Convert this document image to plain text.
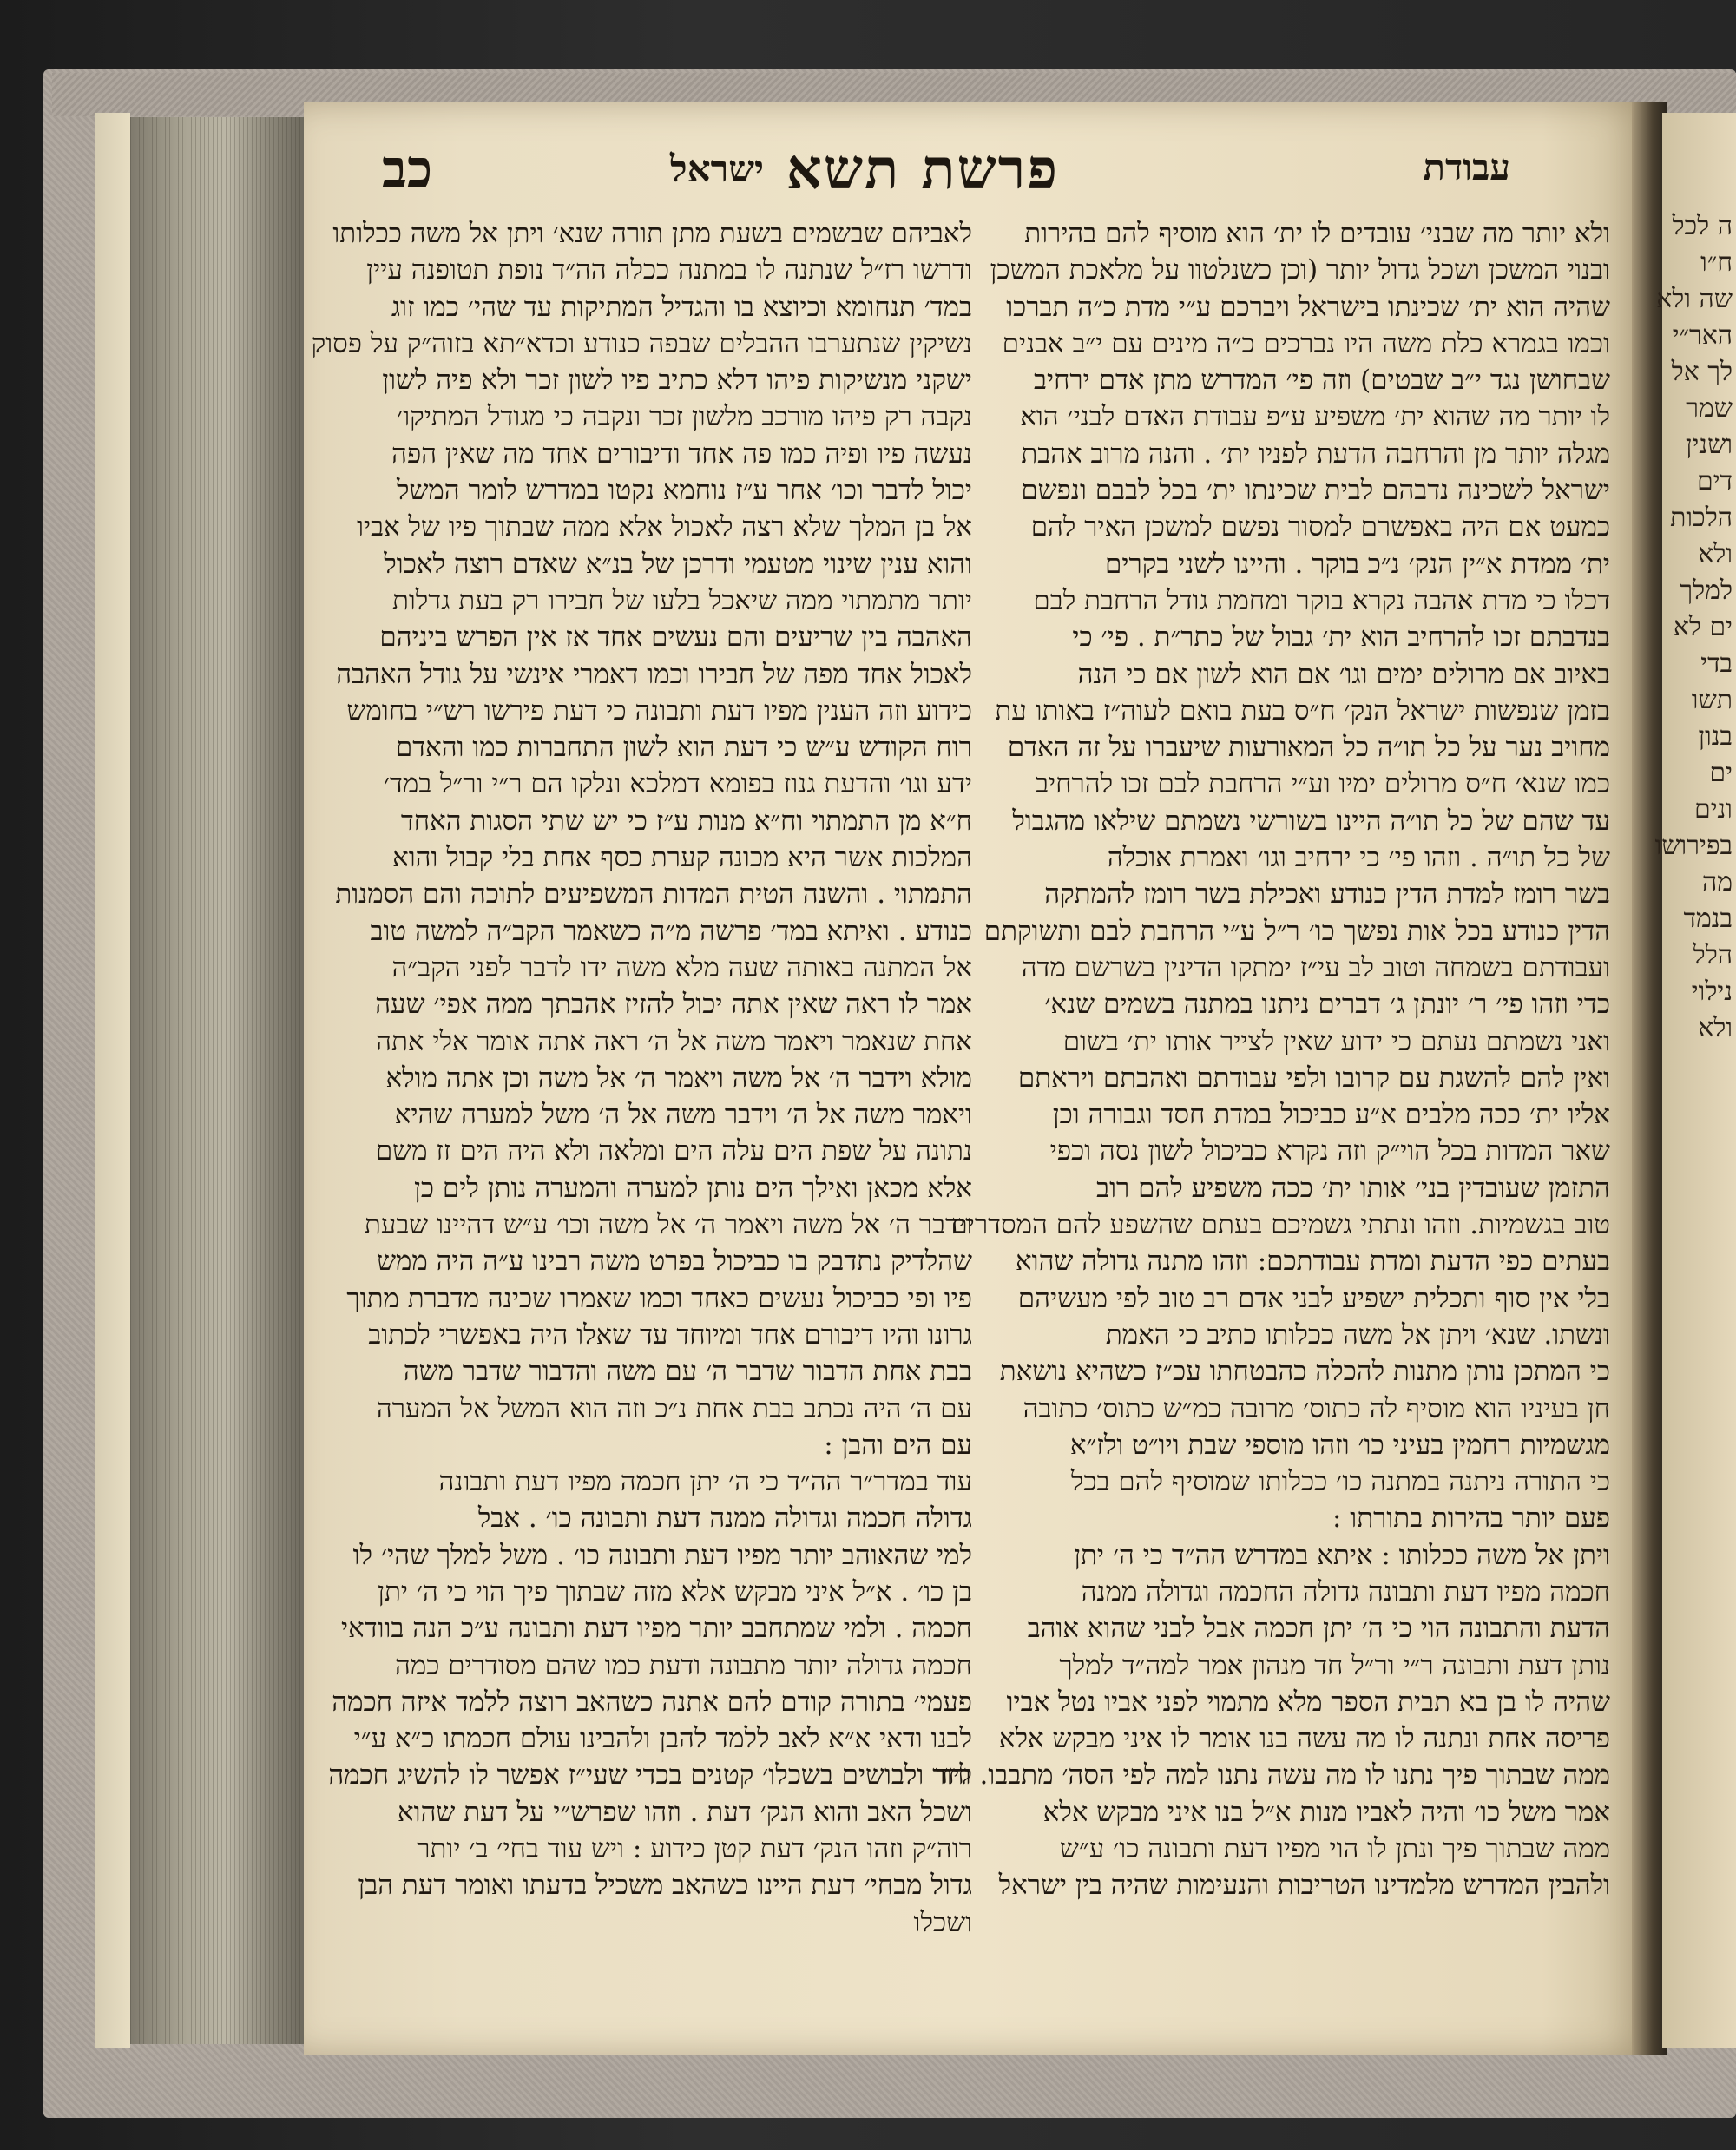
ה לכל
ח״ו
שה ולא
האר״י
לך אל
שמר
ושנין
דים
הלכות
ולא
למלך
ים לא
בדי
תשו
בנון
ים
ונים
בפירושו
מה
בנמד
הלל
נילוי
ולא
עבודת
פרשת תשא
ישראל
כב

ולא יותר מה שבני׳ עובדים לו ית׳ הוא מוסיף להם בהירות

ובנוי המשכן ושכל גדול יותר (וכן כשנלטוו על מלאכת המשכן

שהיה הוא ית׳ שכינתו בישראל ויברכם ע״י מדת כ״ה תברכו

וכמו בגמרא כלת משה היו נברכים כ״ה מינים עם י״ב אבנים

שבחושן נגד י״ב שבטים) וזה פי׳ המדרש מתן אדם ירחיב

לו יותר מה שהוא ית׳ משפיע ע״פ עבודת האדם לבני׳ הוא

מגלה יותר מן והרחבה הדעת לפניו ית׳ . והנה מרוב אהבת

ישראל לשכינה נדבהם לבית שכינתו ית׳ בכל לבבם ונפשם

כמעט אם היה באפשרם למסור נפשם למשכן האיר להם

ית׳ ממדת א״ין הנק׳ נ״כ בוקר . והיינו לשני בקרים

דכלו כי מדת אהבה נקרא בוקר ומחמת גודל הרחבת לבם

בנדבתם זכו להרחיב הוא ית׳ גבול של כתר״ת . פי׳ כי

באיוב אם מרולים ימים וגו׳ אם הוא לשון אם כי הנה

בזמן שנפשות ישראל הנק׳ ח״ס בעת בואם לעוה״ז באותו עת

מחויב נער על כל תו״ה כל המאורעות שיעברו על זה האדם

כמו שנא׳ ח״ס מרולים ימיו וע״י הרחבת לבם זכו להרחיב

עד שהם של כל תו״ה היינו בשורשי נשמתם שילאו מהגבול

של כל תו״ה . וזהו פי׳ כי ירחיב וגו׳ ואמרת אוכלה

בשר רומז למדת הדין כנודע ואכילת בשר רומז להמתקה

הדין כנודע בכל אות נפשך כו׳ ר״ל ע״י הרחבת לבם ותשוקתם

ועבודתם בשמחה וטוב לב עי״ז ימתקו הדינין בשרשם מדה

כדי וזהו פי׳ ר׳ יונתן ג׳ דברים ניתנו במתנה בשמים שנא׳

ואני נשמתם נעתם כי ידוע שאין לצייר אותו ית׳ בשום

ואין להם להשגת עם קרובו ולפי עבודתם ואהבתם ויראתם

אליו ית׳ ככה מלבים א״ע כביכול במדת חסד וגבורה וכן

שאר המדות בכל הוי״ק וזה נקרא כביכול לשון נסה וכפי

התזמן שעובדין בני׳ אותו ית׳ ככה משפיע להם רוב

טוב בגשמיות. וזהו ונתתי גשמיכם בעתם שהשפע להם המסדרים

בעתים כפי הדעת ומדת עבודתכם: וזהו מתנה גדולה שהוא

בלי אין סוף ותכלית ישפיע לבני אדם רב טוב לפי מעשיהם

ונשתו. שנא׳ ויתן אל משה ככלותו כתיב כי האמת

כי המתכן נותן מתנות להכלה כהבטחתו עכ״ז כשהיא נושאת

חן בעיניו הוא מוסיף לה כתוס׳ מרובה כמ״ש כתוס׳ כתובה

מגשמיות רחמין בעיני כו׳ וזהו מוספי שבת ויו״ט ולז״א

כי התורה ניתנה במתנה כו׳ ככלותו שמוסיף להם בכל

פעם יותר בהירות בתורתו :

ויתן אל משה ככלותו : איתא במדרש הה״ד כי ה׳ יתן

חכמה מפיו דעת ותבונה גדולה החכמה וגדולה ממנה

הדעת והתבונה הוי כי ה׳ יתן חכמה אבל לבני שהוא אוהב

נותן דעת ותבונה ר״י ור״ל חד מנהון אמר למה״ד למלך

שהיה לו בן בא תבית הספר מלא מתמוי לפני אביו נטל אביו

פריסה אחת ונתנה לו מה עשה בנו אומר לו איני מבקש אלא

ממה שבתוך פיך נתנו לו מה עשה נתנו למה לפי הסה׳ מתבבו. וחד

אמר משל כו׳ והיה לאביו מנות א״ל בנו איני מבקש אלא

ממה שבתוך פיך ונתן לו הוי מפיו דעת ותבונה כו׳ ע״ש

ולהבין המדרש מלמדינו הטריבות והנעימות שהיה בין ישראל

לאביהם שבשמים בשעת מתן תורה שנא׳ ויתן אל משה ככלותו

ודרשו רז״ל שנתנה לו במתנה ככלה הה״ד נופת תטופנה עיין

במד׳ תנחומא וכיוצא בו והגדיל המתיקות עד שהי׳ כמו זוג

נשיקין שנתערבו ההבלים שבפה כנודע וכדא״תא בזוה״ק על פסוק

ישקני מנשיקות פיהו דלא כתיב פיו לשון זכר ולא פיה לשון

נקבה רק פיהו מורכב מלשון זכר ונקבה כי מגודל המתיקו׳

נעשה פיו ופיה כמו פה אחד ודיבורים אחד מה שאין הפה

יכול לדבר וכו׳ אחר ע״ז נוחמא נקטו במדרש לומר המשל

אל בן המלך שלא רצה לאכול אלא ממה שבתוך פיו של אביו

והוא ענין שינוי מטעמי ודרכן של בנ״א שאדם רוצה לאכול

יותר מתמתוי ממה שיאכל בלעו של חבירו רק בעת גדלות

האהבה בין שריעים והם נעשים אחד אז אין הפרש ביניהם

לאכול אחד מפה של חבירו וכמו דאמרי אינשי על גודל האהבה

כידוע וזה הענין מפיו דעת ותבונה כי דעת פירשו רש״י בחומש

רוח הקודש ע״ש כי דעת הוא לשון התחברות כמו והאדם

ידע וגו׳ והדעת גנוז בפומא דמלכא ונלקו הם ר״י ור״ל במד׳

ח״א מן התמתוי וח״א מנות ע״ז כי יש שתי הסגות האחד

המלכות אשר היא מכונה קערת כסף אחת בלי קבול והוא

התמתוי . והשנה הטית המדות המשפיעים לתוכה והם הסמנות

כנודע . ואיתא במד׳ פרשה מ״ה כשאמר הקב״ה למשה טוב

אל המתנה באותה שעה מלא משה ידו לדבר לפני הקב״ה

אמר לו ראה שאין אתה יכול להזיז אהבתך ממה אפי׳ שעה

אחת שנאמר ויאמר משה אל ה׳ ראה אתה אומר אלי אתה

מולא וידבר ה׳ אל משה ויאמר ה׳ אל משה וכן אתה מולא

ויאמר משה אל ה׳ וידבר משה אל ה׳ משל למערה שהיא

נתונה על שפת הים עלה הים ומלאה ולא היה הים זז משם

אלא מכאן ואילך הים נותן למערה והמערה נותן לים כן

וידבר ה׳ אל משה ויאמר ה׳ אל משה וכו׳ ע״ש דהיינו שבעת

שהלדיק נתדבק בו כביכול בפרט משה רבינו ע״ה היה ממש

פיו ופי כביכול נעשים כאחד וכמו שאמרו שכינה מדברת מתוך

גרונו והיו דיבורם אחד ומיוחד עד שאלו היה באפשרי לכתוב

בבת אחת הדבור שדבר ה׳ עם משה והדבור שדבר משה

עם ה׳ היה נכתב בבת אחת נ״כ וזה הוא המשל אל המערה

עם הים והבן :

עוד במדר״ר הה״ד כי ה׳ יתן חכמה מפיו דעת ותבונה

גדולה חכמה וגדולה ממנה דעת ותבונה כו׳ . אבל

למי שהאוהב יותר מפיו דעת ותבונה כו׳ . משל למלך שהי׳ לו

בן כו׳ . א״ל איני מבקש אלא מזה שבתוך פיך הוי כי ה׳ יתן

חכמה . ולמי שמתחבב יותר מפיו דעת ותבונה ע״כ הנה בוודאי

חכמה גדולה יותר מתבונה ודעת כמו שהם מסודרים כמה

פעמי׳ בתורה קודם להם אתנה כשהאב רוצה ללמד איזה חכמה

לבנו ודאי א״א לאב ללמד להבן ולהבינו עולם חכמתו כ״א ע״י

ליור ולבושים בשכלו׳ קטנים בכדי שעי״ז אפשר לו להשיג חכמה

ושכל האב והוא הנק׳ דעת . וזהו שפרש״י על דעת שהוא

רוה״ק וזהו הנק׳ דעת קטן כידוע : ויש עוד בחי׳ ב׳ יותר

גדול מבחי׳ דעת היינו כשהאב משכיל בדעתו ואומר דעת הבן

ושכלו
